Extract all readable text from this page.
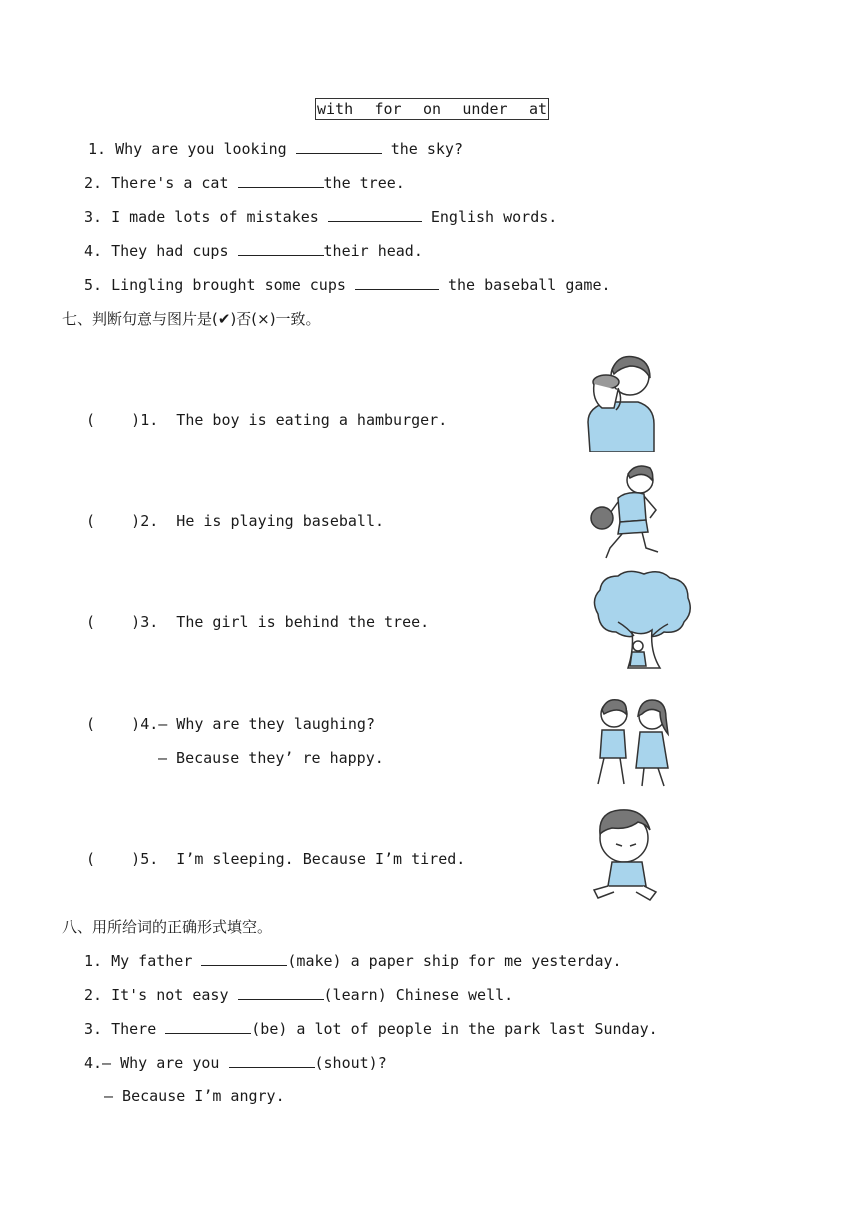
with for on under at
1. Why are you looking	the sky?
2. There's a cat	the tree.
3. I made lots of mistakes	English words.
4. They had cups	their head.
5. Lingling brought some cups	the baseball game.
七、判断句意与图片是(✔)否(×)一致。
(    )1.  The boy is eating a hamburger.
(    )2.  He is playing baseball.
(    )3.  The girl is behind the tree.
(    )4.— Why are they laughing?
— Because they’ re happy.
(    )5.  I’m sleeping. Because I’m tired.
八、用所给词的正确形式填空。
1. My father	(make) a paper ship for me yesterday.
2. It's not easy	(learn) Chinese well.
3. There	(be) a lot of people in the park last Sunday.
4.— Why are you	(shout)?
— Because I’m angry.
